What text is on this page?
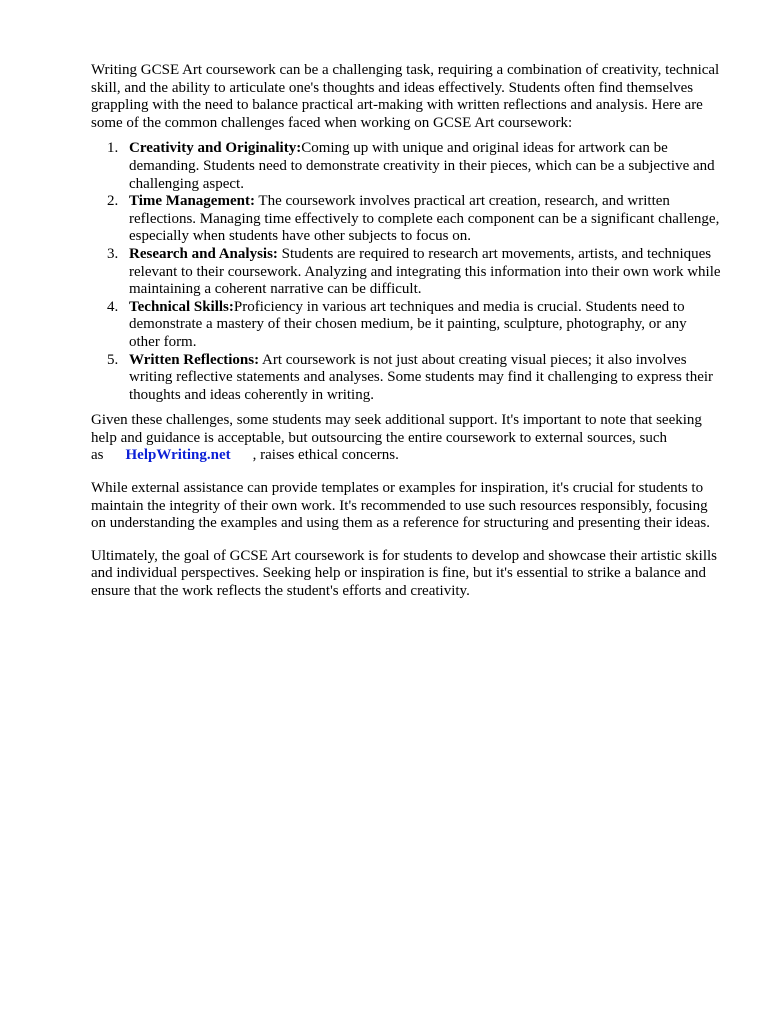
Writing GCSE Art coursework can be a challenging task, requiring a combination of creativity, technical skill, and the ability to articulate one's thoughts and ideas effectively. Students often find themselves grappling with the need to balance practical art-making with written reflections and analysis. Here are some of the common challenges faced when working on GCSE Art coursework:

1. Creativity and Originality:Coming up with unique and original ideas for artwork can be demanding. Students need to demonstrate creativity in their pieces, which can be a subjective and challenging aspect.
2. Time Management: The coursework involves practical art creation, research, and written reflections. Managing time effectively to complete each component can be a significant challenge, especially when students have other subjects to focus on.
3. Research and Analysis: Students are required to research art movements, artists, and techniques relevant to their coursework. Analyzing and integrating this information into their own work while maintaining a coherent narrative can be difficult.
4. Technical Skills:Proficiency in various art techniques and media is crucial. Students need to demonstrate a mastery of their chosen medium, be it painting, sculpture, photography, or any other form.
5. Written Reflections: Art coursework is not just about creating visual pieces; it also involves writing reflective statements and analyses. Some students may find it challenging to express their thoughts and ideas coherently in writing.

Given these challenges, some students may seek additional support. It's important to note that seeking help and guidance is acceptable, but outsourcing the entire coursework to external sources, such as HelpWriting.net , raises ethical concerns.

While external assistance can provide templates or examples for inspiration, it's crucial for students to maintain the integrity of their own work. It's recommended to use such resources responsibly, focusing on understanding the examples and using them as a reference for structuring and presenting their ideas.

Ultimately, the goal of GCSE Art coursework is for students to develop and showcase their artistic skills and individual perspectives. Seeking help or inspiration is fine, but it's essential to strike a balance and ensure that the work reflects the student's efforts and creativity.
